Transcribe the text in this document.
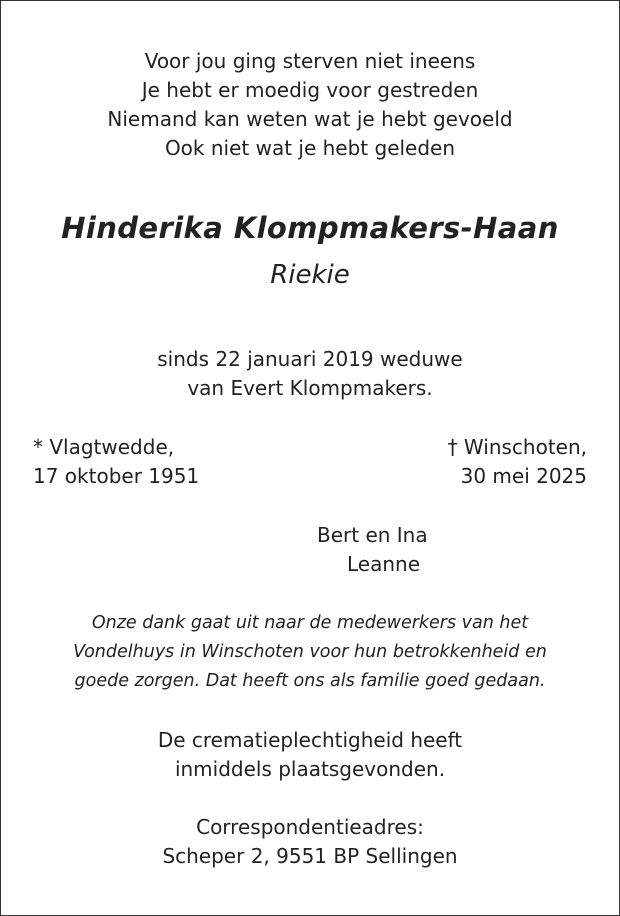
Voor jou ging sterven niet ineens
Je hebt er moedig voor gestreden
Niemand kan weten wat je hebt gevoeld
Ook niet wat je hebt geleden
Hinderika Klompmakers-Haan
Riekie
sinds 22 januari 2019 weduwe
van Evert Klompmakers.
* Vlagtwedde,
17 oktober 1951
† Winschoten,
30 mei 2025
Bert en Ina
Leanne
Onze dank gaat uit naar de medewerkers van het
Vondelhuys in Winschoten voor hun betrokkenheid en
goede zorgen. Dat heeft ons als familie goed gedaan.
De crematieplechtigheid heeft
inmiddels plaatsgevonden.
Correspondentieadres:
Scheper 2, 9551 BP Sellingen
